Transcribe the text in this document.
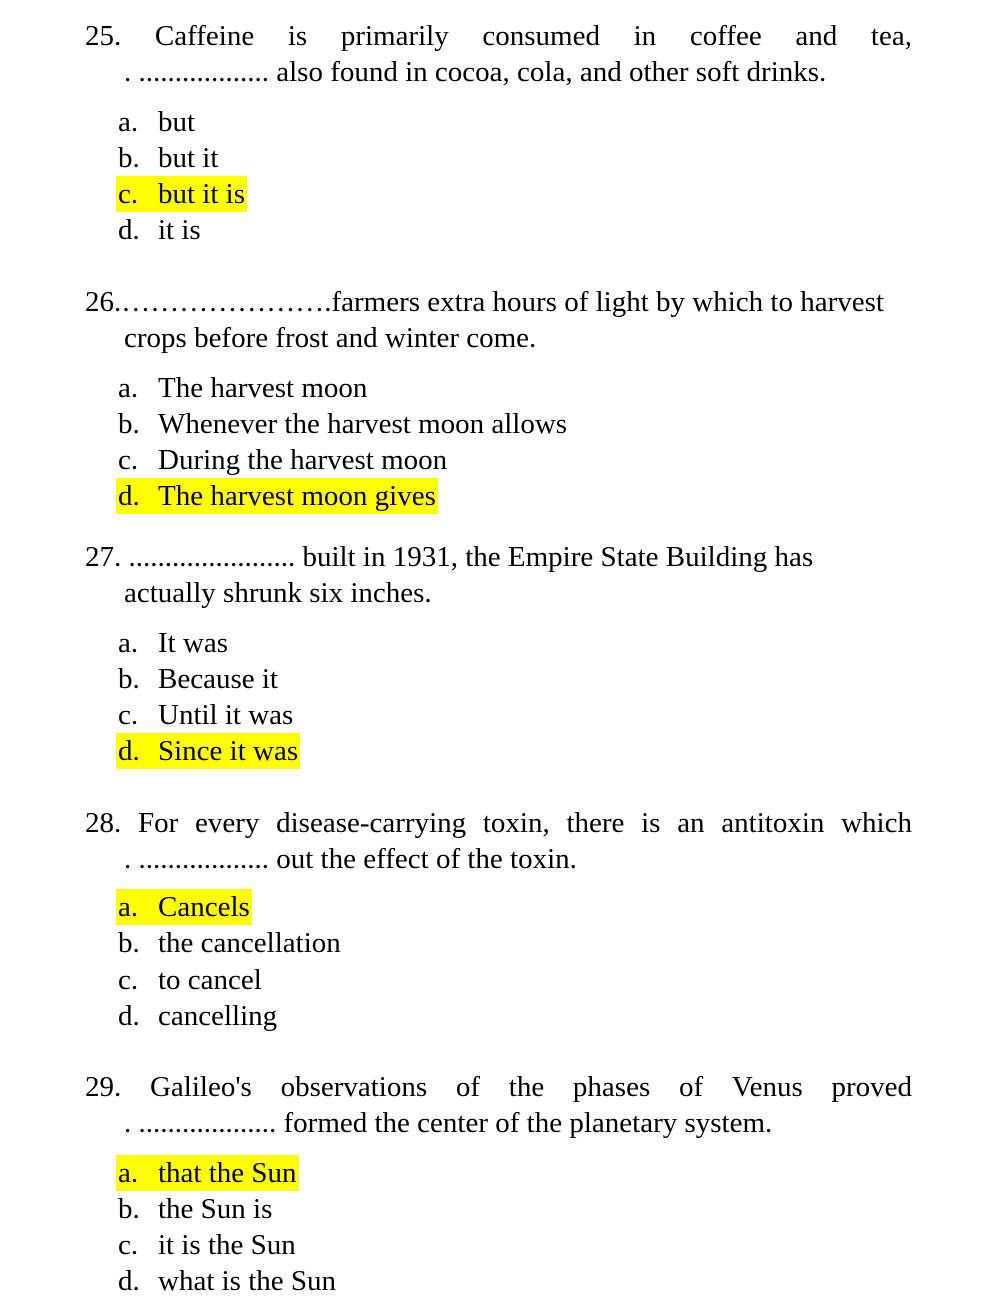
25. Caffeine is primarily consumed in coffee and tea,
. .................. also found in cocoa, cola, and other soft drinks.
a. but
b. but it
c. but it is
d. it is
26.………………….farmers extra hours of light by which to harvest
crops before frost and winter come.
a. The harvest moon
b. Whenever the harvest moon allows
c. During the harvest moon
d. The harvest moon gives
27. ....................... built in 1931, the Empire State Building has
actually shrunk six inches.
a. It was
b. Because it
c. Until it was
d. Since it was
28. For every disease-carrying toxin, there is an antitoxin which
. .................. out the effect of the toxin.
a. Cancels
b. the cancellation
c. to cancel
d. cancelling
29. Galileo's observations of the phases of Venus proved
. ................... formed the center of the planetary system.
a. that the Sun
b. the Sun is
c. it is the Sun
d. what is the Sun
